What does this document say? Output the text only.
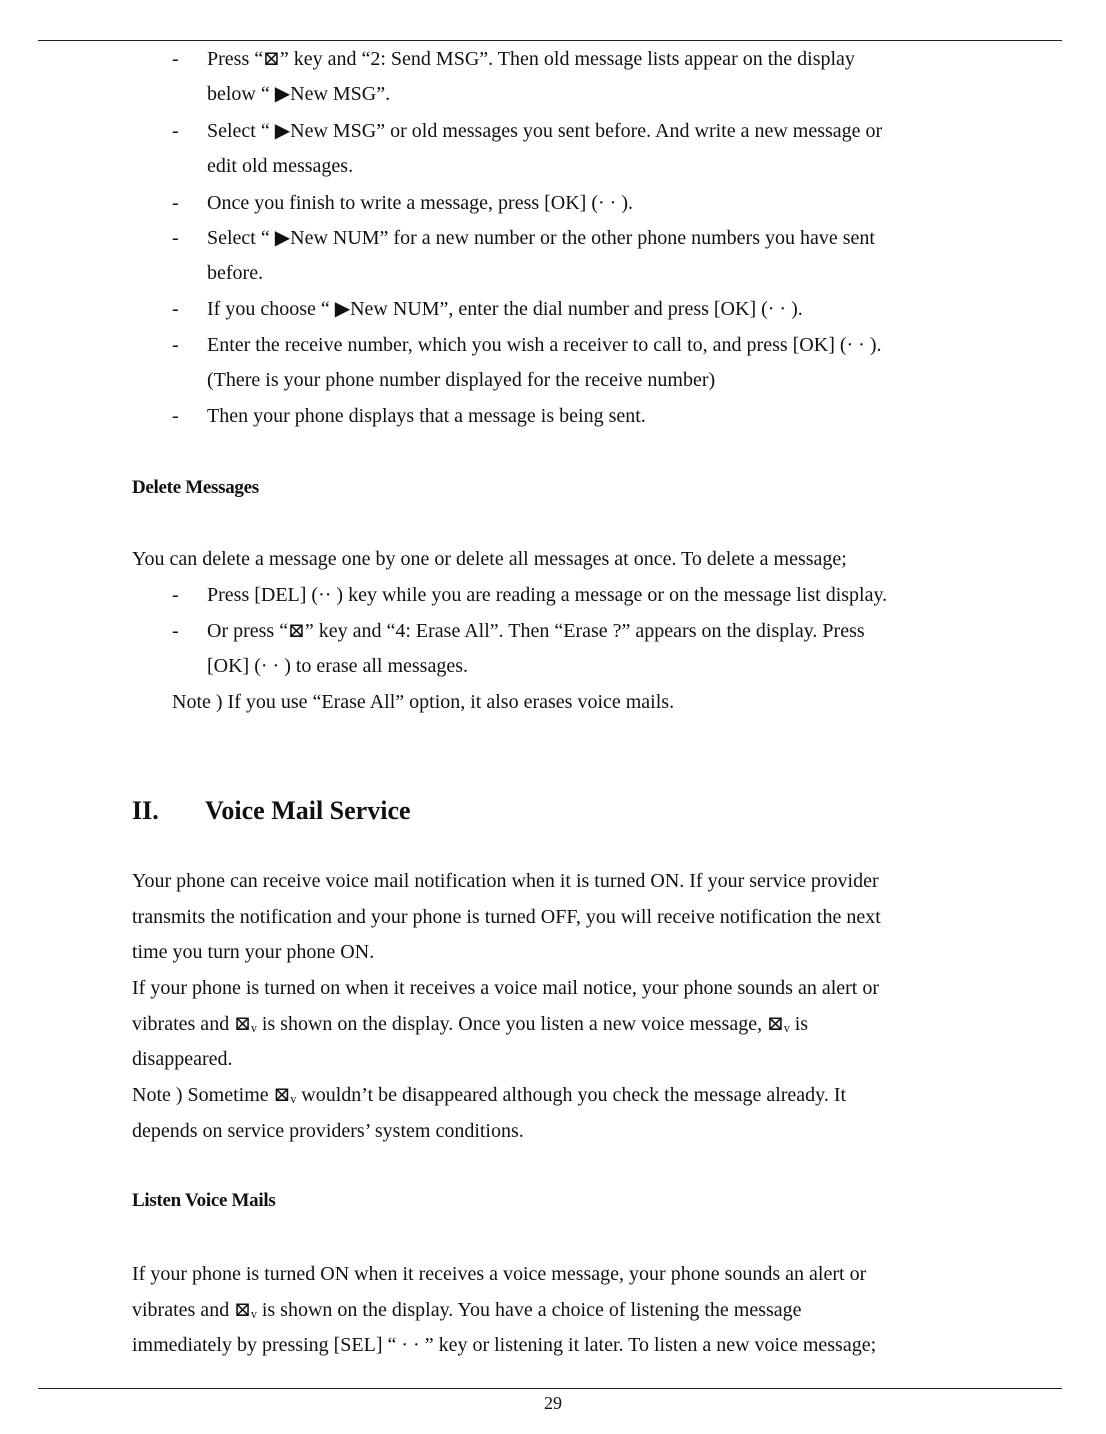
- Press “⊠” key and “2: Send MSG”. Then old message lists appear on the display
below “ ▶New MSG”.
- Select “ ▶New MSG” or old messages you sent before. And write a new message or
edit old messages.
- Once you finish to write a message, press [OK] (· · ).
- Select “ ▶New NUM” for a new number or the other phone numbers you have sent
before.
- If you choose “ ▶New NUM”, enter the dial number and press [OK] (· · ).
- Enter the receive number, which you wish a receiver to call to, and press [OK] (· · ).
(There is your phone number displayed for the receive number)
- Then your phone displays that a message is being sent.
Delete Messages
You can delete a message one by one or delete all messages at once. To delete a message;
- Press [DEL] (·· ) key while you are reading a message or on the message list display.
- Or press “⊠” key and “4: Erase All”. Then “Erase ?” appears on the display. Press
[OK] (· · ) to erase all messages.
Note ) If you use “Erase All” option, it also erases voice mails.
II. Voice Mail Service
Your phone can receive voice mail notification when it is turned ON. If your service provider
transmits the notification and your phone is turned OFF, you will receive notification the next
time you turn your phone ON.
If your phone is turned on when it receives a voice mail notice, your phone sounds an alert or
vibrates and ⊠ᵥ is shown on the display. Once you listen a new voice message, ⊠ᵥ is
disappeared.
Note ) Sometime ⊠ᵥ wouldn’t be disappeared although you check the message already. It
depends on service providers’ system conditions.
Listen Voice Mails
If your phone is turned ON when it receives a voice message, your phone sounds an alert or
vibrates and ⊠ᵥ is shown on the display. You have a choice of listening the message
immediately by pressing [SEL] “ · · ” key or listening it later. To listen a new voice message;
29
